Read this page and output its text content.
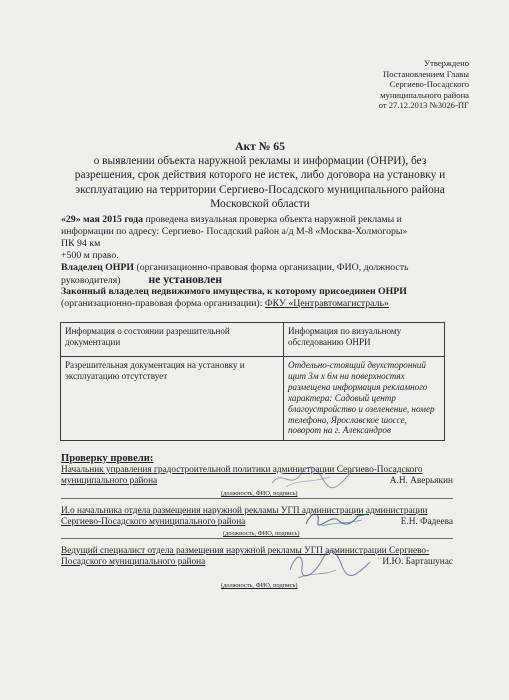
Утверждено
Постановлением Главы
Сергиево-Посадского
муниципального района
от 27.12.2013 №3026-ПГ
Акт № 65
о выявлении объекта наружной рекламы и информации (ОНРИ), без
разрешения, срок действия которого не истек, либо договора на установку и
эксплуатацию на территории Сергиево-Посадского муниципального района
Московской области

«29» мая 2015 года проведена визуальная проверка объекта наружной рекламы и
информации по адресу: Сергиево- Посадский район а/д М-8 «Москва-Холмогоры» ПК 94 км
+500 м право.

Владелец ОНРИ (организационно-правовая форма организации, ФИО, должность
руководителя) не установлен

Законный владелец недвижимого имущества, к которому присоединен ОНРИ
(организационно-правовая форма организации): ФКУ «Центравтомагистраль»

Информация о состоянии разрешительной документации	Информация по визуальному обследованию ОНРИ
Разрешительная документация на установку и эксплуатацию отсутствует	Отдельно-стоящий двухсторонний щит 3м х 6м на поверхностях размещена информация рекламного характера: Садовый центр благоустройство и озеленение, номер телефона, Ярославское шоссе, поворот на г. Александров
Проверку провели:
Начальник управления градостроительной политики администрации Сергиево-Посадского
муниципального района	А.Н. Аверьякин
(должность, ФИО, подпись)
И.о начальника отдела размещения наружной рекламы УГП администрации администрации
Сергиево-Посадского муниципального района	Е.Н. Фадеева
(должность, ФИО, подпись)
Ведущий специалист отдела размещения наружной рекламы УГП администрации Сергиево-
Посадского муниципального района	И.Ю. Барташунас
(должность, ФИО, подпись)
